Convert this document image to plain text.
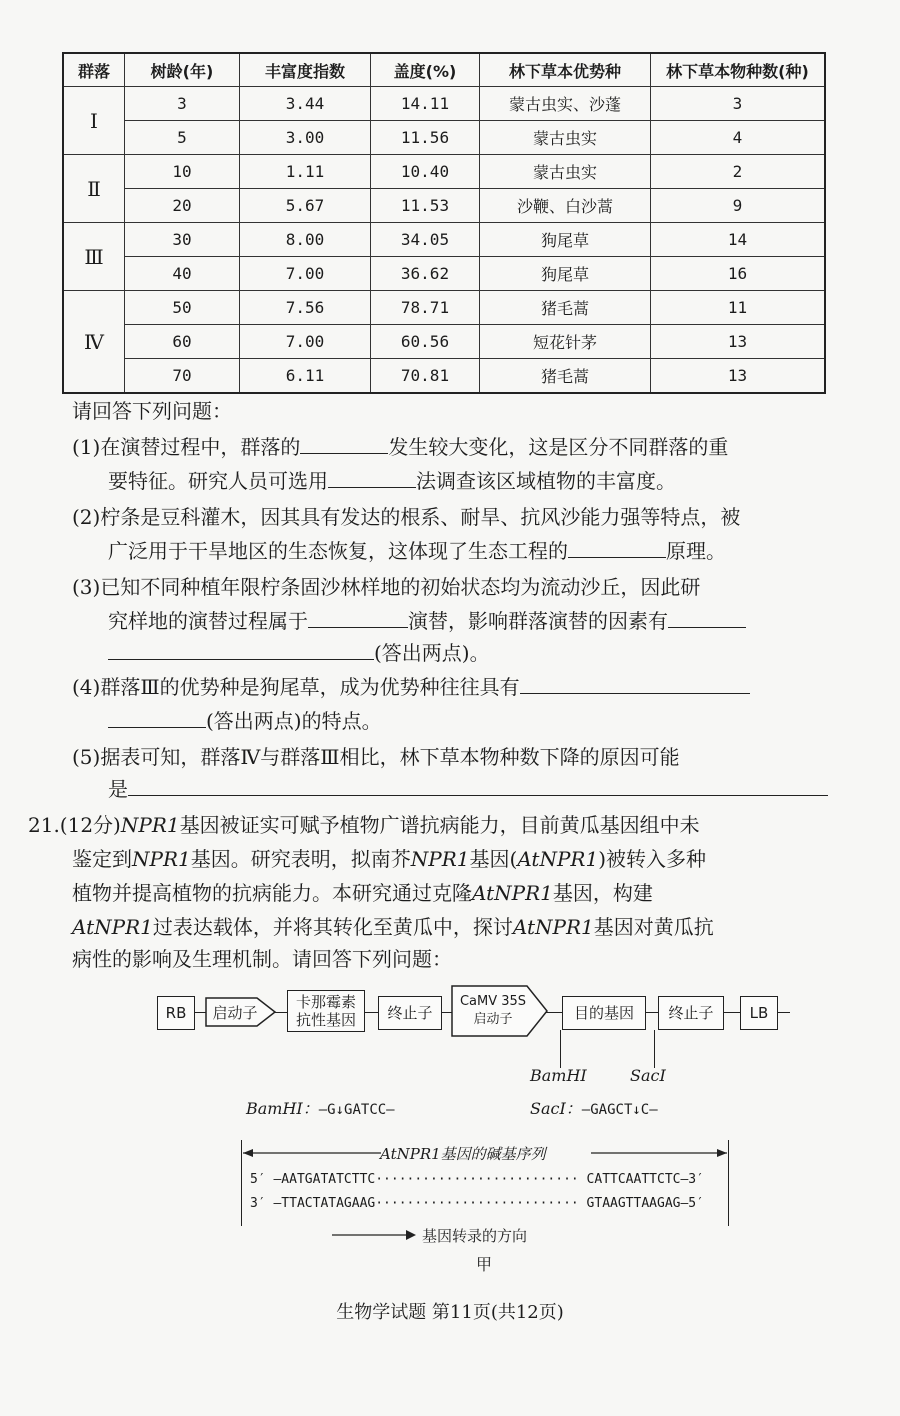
群落	树龄(年)	丰富度指数	盖度(%)	林下草本优势种	林下草本物种数(种)
Ⅰ	3	3.44	14.11	蒙古虫实、沙蓬	3
	5	3.00	11.56	蒙古虫实	4
Ⅱ	10	1.11	10.40	蒙古虫实	2
	20	5.67	11.53	沙鞭、白沙蒿	9
Ⅲ	30	8.00	34.05	狗尾草	14
	40	7.00	36.62	狗尾草	16
Ⅳ	50	7.56	78.71	猪毛蒿	11
	60	7.00	60.56	短花针茅	13
	70	6.11	70.81	猪毛蒿	13
请回答下列问题：
(1)在演替过程中，群落的	发生较大变化，这是区分不同群落的重
要特征。研究人员可选用	法调查该区域植物的丰富度。
(2)柠条是豆科灌木，因其具有发达的根系、耐旱、抗风沙能力强等特点，被
广泛用于干旱地区的生态恢复，这体现了生态工程的	原理。
(3)已知不同种植年限柠条固沙林样地的初始状态均为流动沙丘，因此研
究样地的演替过程属于	演替，影响群落演替的因素有
(答出两点)。
(4)群落Ⅲ的优势种是狗尾草，成为优势种往往具有
(答出两点)的特点。
(5)据表可知，群落Ⅳ与群落Ⅲ相比，林下草本物种数下降的原因可能
是
21.(12分)NPR1基因被证实可赋予植物广谱抗病能力，目前黄瓜基因组中未
鉴定到NPR1基因。研究表明，拟南芥NPR1基因(AtNPR1)被转入多种
植物并提高植物的抗病能力。本研究通过克隆AtNPR1基因，构建
AtNPR1过表达载体，并将其转化至黄瓜中，探讨AtNPR1基因对黄瓜抗
病性的影响及生理机制。请回答下列问题：
RB	启动子
卡那霉素
抗性基因	终止子
CaMV 35S
启动子	目的基因	终止子	LB
BamHⅠ	SacⅠ
BamHⅠ：—G↓GATCC—	SacⅠ：—GAGCT↓C—
AtNPR1基因的碱基序列
5′ —AATGATATCTTC·························· CATTCAATTCTC—3′
3′ —TTACTATAGAAG·························· GTAAGTTAAGAG—5′
基因转录的方向
甲
生物学试题 第11页(共12页)
